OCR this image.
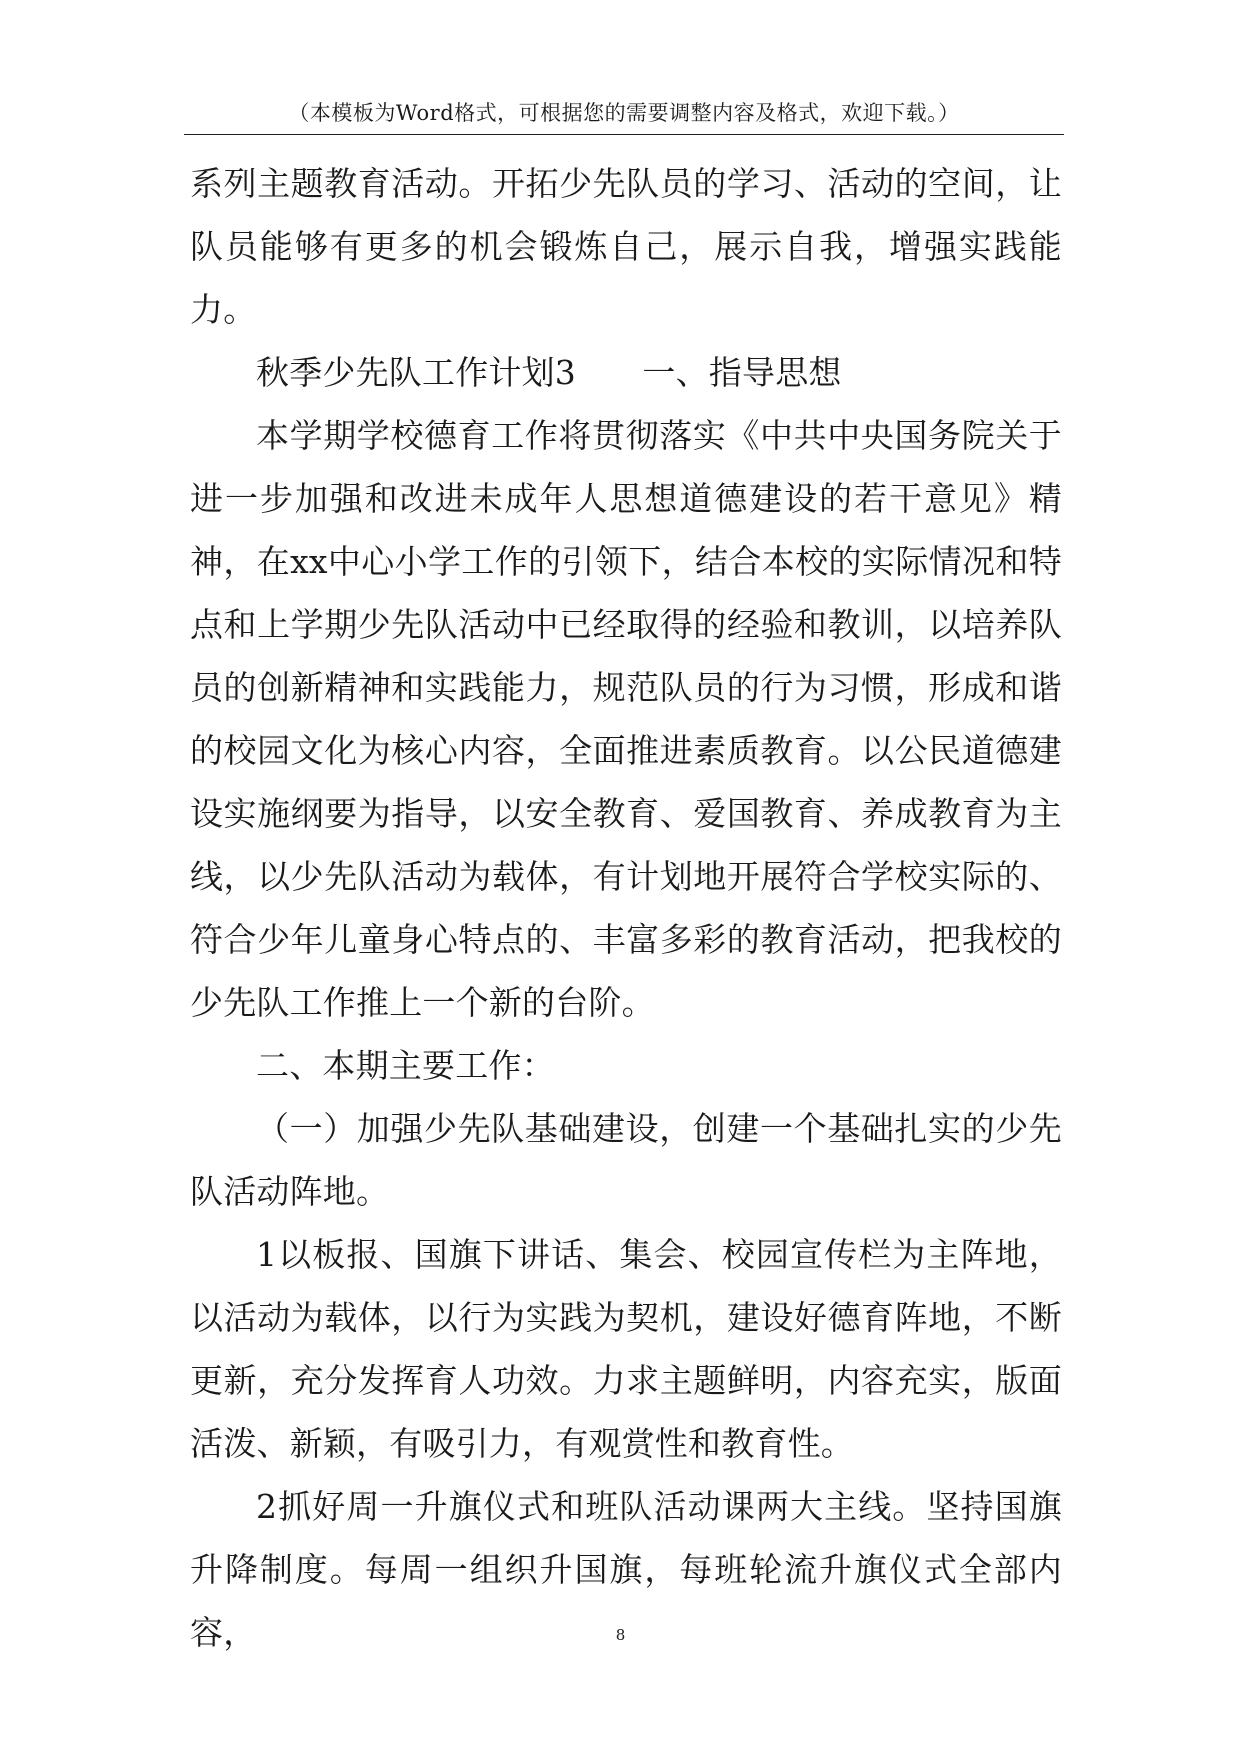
（本模板为Word格式，可根据您的需要调整内容及格式，欢迎下载。）

系列主题教育活动。开拓少先队员的学习、活动的空间，让队员能够有更多的机会锻炼自己，展示自我，增强实践能力。

秋季少先队工作计划3　　一、指导思想

本学期学校德育工作将贯彻落实《中共中央国务院关于进一步加强和改进未成年人思想道德建设的若干意见》精神，在xx中心小学工作的引领下，结合本校的实际情况和特点和上学期少先队活动中已经取得的经验和教训，以培养队员的创新精神和实践能力，规范队员的行为习惯，形成和谐的校园文化为核心内容，全面推进素质教育。以公民道德建设实施纲要为指导，以安全教育、爱国教育、养成教育为主线，以少先队活动为载体，有计划地开展符合学校实际的、符合少年儿童身心特点的、丰富多彩的教育活动，把我校的少先队工作推上一个新的台阶。

二、本期主要工作：

（一）加强少先队基础建设，创建一个基础扎实的少先队活动阵地。

1以板报、国旗下讲话、集会、校园宣传栏为主阵地，以活动为载体，以行为实践为契机，建设好德育阵地，不断更新，充分发挥育人功效。力求主题鲜明，内容充实，版面活泼、新颖，有吸引力，有观赏性和教育性。

2抓好周一升旗仪式和班队活动课两大主线。坚持国旗升降制度。每周一组织升国旗，每班轮流升旗仪式全部内容，	8
